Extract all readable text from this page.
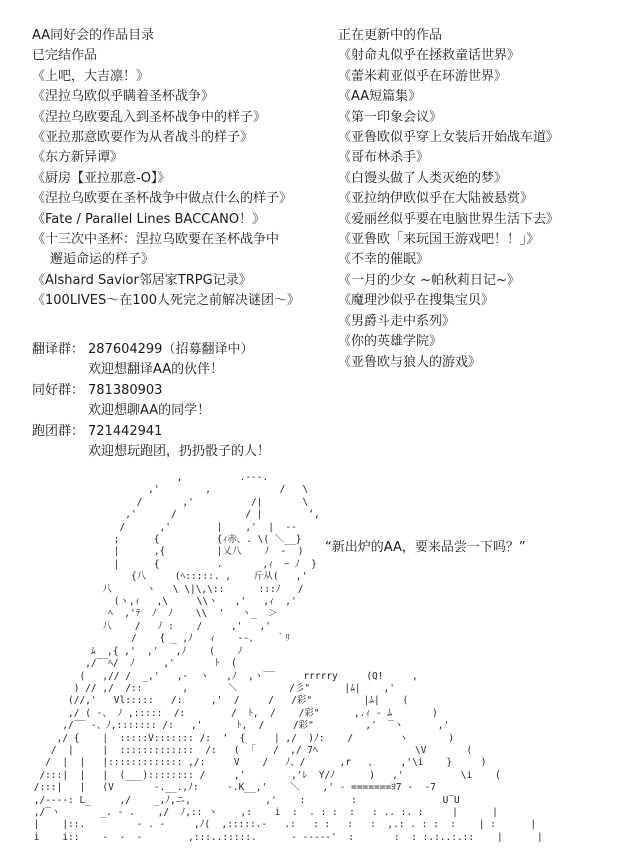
AA同好会的作品目录
已完结作品
《上吧，大吉凛！》
《涅拉乌欧似乎瞒着圣杯战争》
《涅拉乌欧要乱入到圣杯战争中的样子》
《亚拉那意欧要作为从者战斗的样子》
《东方新异谭》
《厨房【亚拉那意-O】》
《涅拉乌欧要在圣杯战争中做点什么的样子》
《Fate / Parallel Lines BACCANO！》
《十三次中圣杯：涅拉乌欧要在圣杯战争中
邂逅命运的样子》
《Alshard Savior邻居家TRPG记录》
《100LIVES～在100人死完之前解决谜团～》
正在更新中的作品
《射命丸似乎在拯救童话世界》
《蕾米莉亚似乎在环游世界》
《AA短篇集》
《第一印象会议》
《亚鲁欧似乎穿上女装后开始战车道》
《哥布林杀手》
《白馒头做了人类灭绝的梦》
《亚拉纳伊欧似乎在大陆被悬赏》
《爱丽丝似乎要在电脑世界生活下去》
《亚鲁欧「来玩国王游戏吧！！」》
《不幸的催眠》
《一月的少女 ~帕秋莉日记~》
《魔理沙似乎在搜集宝贝》
《男爵斗走中系列》
《你的英雄学院》
《亚鲁欧与狼人的游戏》
翻译群： 287604299（招募翻译中）
欢迎想翻译AA的伙伴！
同好群： 781380903
欢迎想聊AA的同学！
跑团群： 721442941
欢迎想玩跑团，扔扔骰子的人！
,          .-‐-.
,'        ,            /   \
/       ,'          /|       \
,'      /            / |        ‘,
/      ,'        |    ,'  |  ‐-
;      {          {ｨ赤、. \( ＼__}
|      ,{         |乂八    ﾉ  ‐  )
|      {          .       ,ｨ  ｰ ﾉ  }
{八     (ﾍ:::::. ,    斤从(   ,'
八      ヽ   \ \|\,\::      :::ﾉ   /
(ヽ,ｨ   ,\     \\ヽ   ,'   ,ｨ  ,'
ﾍ  ,'ﾃ  ﾉ  ﾉ    \\  '   ヽ_  ＞
八    /   ﾉ :    /     ,'   ,'
/    { _ ,ﾉ   ｨ    ‐-、   ｀ﾘ
ﾑ  ,{ ,'  ,'   ,ﾉ    (    ﾉ
,/‾‾ﾍ/  ﾉ     ,'       ﾄ  (
(   ,// /  _,'   ,-  ヽ   ,ﾉ  ,ヽ‾‾     rrrrry     (Q!     ,
) // ,/  /::       ,       ＼         /彡"      |ﾑ|    ,'
(//,'   Vl:::::   /:     ,'  /     /   /彩"         |ﾑ|    (
,/ ( ‐、 ﾉ ,:::::  /:        /  ﾄ,  /    /彩"      ,.ｨ ‐ ﾑ       )
,/‾‾ ‐、ﾉ,::::::: /:   ,'      ﾄ,  /     /彩"         ,'  ‾ヽ      ,'
,/ {    |  :::::V::::::: /:  ‘  {     | ,/  )ﾉ:    /        ヽ       )
/  |     |  :::::::::::::  /:   (  ｢   /  ,/ 7ﾍ                 \V       (
/  |  |   |::::::::::::: ,/:     V    /   ﾉ、/      ,r   、    ,'\i    }     )
/:::|  |   |  (___):::::::: /     ,'        ,'ﾚ  Y/ﾉ      )   ,'          \i    (
/:::|   |   (V       ‐.__.,ﾉ:     ‐.K__,'    ＼    ,' ‐ =======ﾖ7 ‐  ‐7
,/-‐--: L_     ,/    _,ﾉ,ニ,             ,'    :        :               U‾U
,/‾ヽ       _. ‐ .    ,/  ﾉ,:: ヽ    ,:    i  :  . : :  :   : .. :. :     |      |
|    |::.         ‐ . ‐     ,ﾉ(  ,:::::.‐   .:   : :   :   :  ,.: . : :  :    | :      |
i    i::    ‐  ‐  ‐        ,:::..:::::.      ‐ ‐‐‐‐‐'  :       :  : :.:..:.::    |      |

“新出炉的AA，要来品尝一下吗？”
